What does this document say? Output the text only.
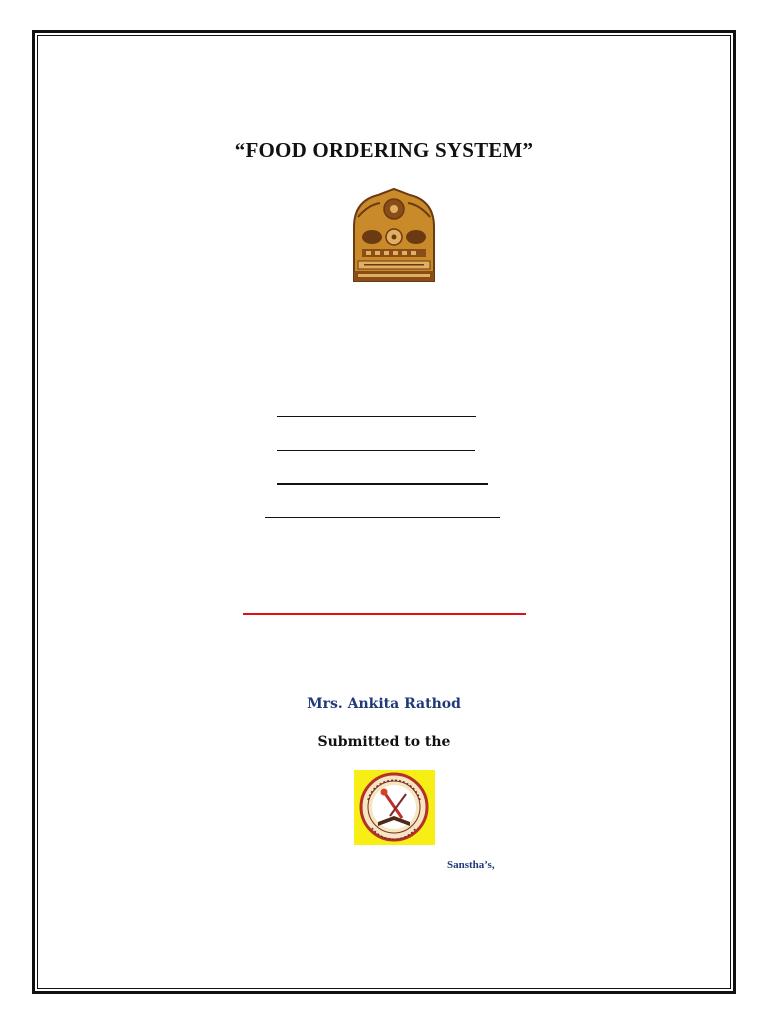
“FOOD ORDERING SYSTEM”
Mrs. Ankita Rathod
Submitted to the
Sanstha’s,
